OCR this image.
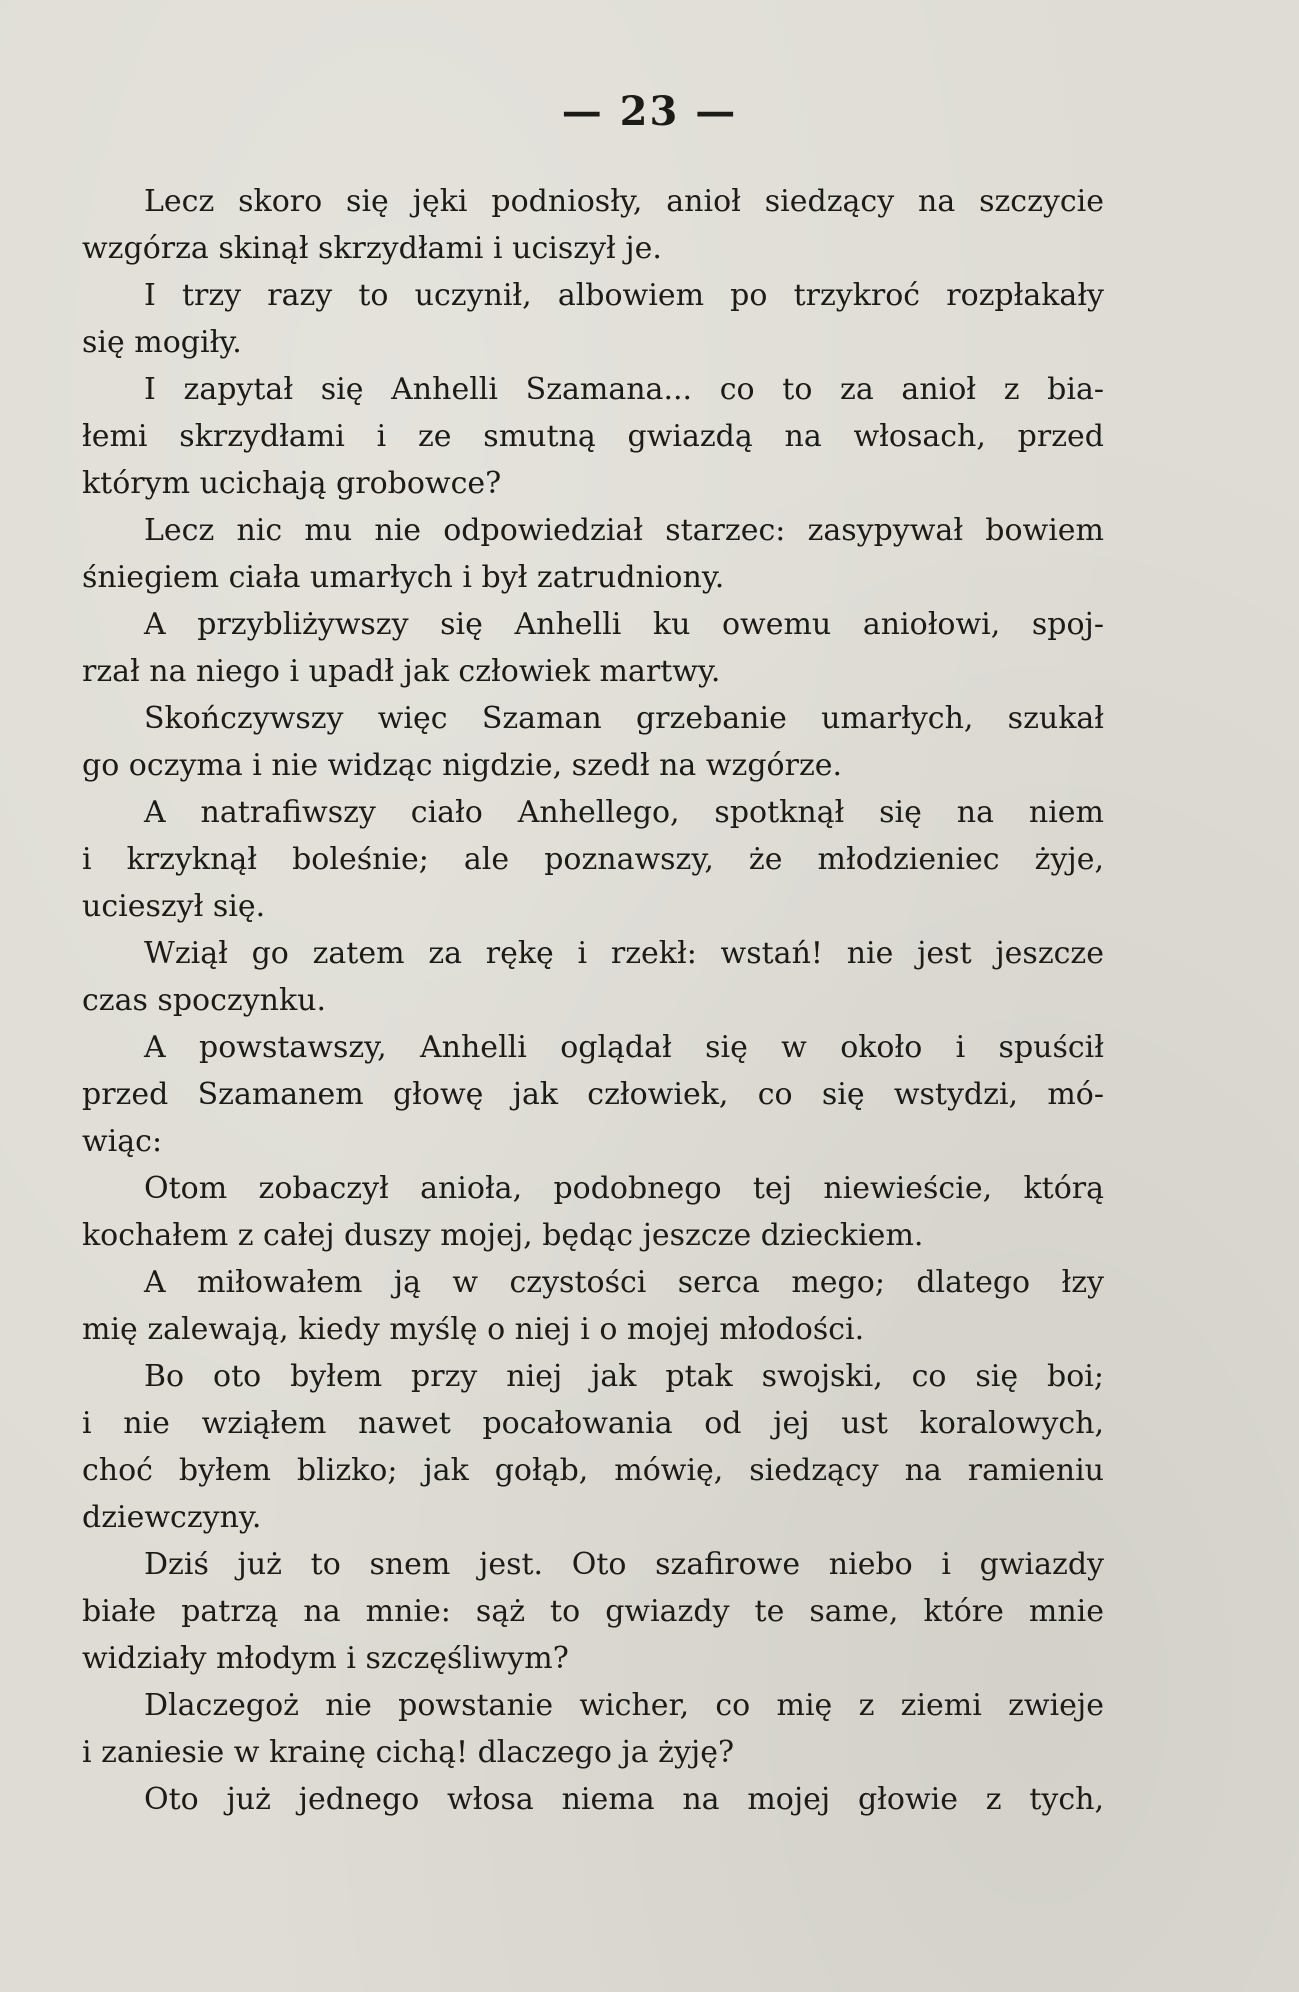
— 23 —
Lecz skoro się jęki podniosły, anioł siedzący na szczycie
wzgórza skinął skrzydłami i uciszył je.
I trzy razy to uczynił, albowiem po trzykroć rozpłakały
się mogiły.
I zapytał się Anhelli Szamana... co to za anioł z bia-
łemi skrzydłami i ze smutną gwiazdą na włosach, przed
którym ucichają grobowce?
Lecz nic mu nie odpowiedział starzec: zasypywał bowiem
śniegiem ciała umarłych i był zatrudniony.
A przybliżywszy się Anhelli ku owemu aniołowi, spoj-
rzał na niego i upadł jak człowiek martwy.
Skończywszy więc Szaman grzebanie umarłych, szukał
go oczyma i nie widząc nigdzie, szedł na wzgórze.
A natrafiwszy ciało Anhellego, spotknął się na niem
i krzyknął boleśnie; ale poznawszy, że młodzieniec żyje,
ucieszył się.
Wziął go zatem za rękę i rzekł: wstań! nie jest jeszcze
czas spoczynku.
A powstawszy, Anhelli oglądał się w około i spuścił
przed Szamanem głowę jak człowiek, co się wstydzi, mó-
wiąc:
Otom zobaczył anioła, podobnego tej niewieście, którą
kochałem z całej duszy mojej, będąc jeszcze dzieckiem.
A miłowałem ją w czystości serca mego; dlatego łzy
mię zalewają, kiedy myślę o niej i o mojej młodości.
Bo oto byłem przy niej jak ptak swojski, co się boi;
i nie wziąłem nawet pocałowania od jej ust koralowych,
choć byłem blizko; jak gołąb, mówię, siedzący na ramieniu
dziewczyny.
Dziś już to snem jest. Oto szafirowe niebo i gwiazdy
białe patrzą na mnie: sąż to gwiazdy te same, które mnie
widziały młodym i szczęśliwym?
Dlaczegoż nie powstanie wicher, co mię z ziemi zwieje
i zaniesie w krainę cichą! dlaczego ja żyję?
Oto już jednego włosa niema na mojej głowie z tych,
